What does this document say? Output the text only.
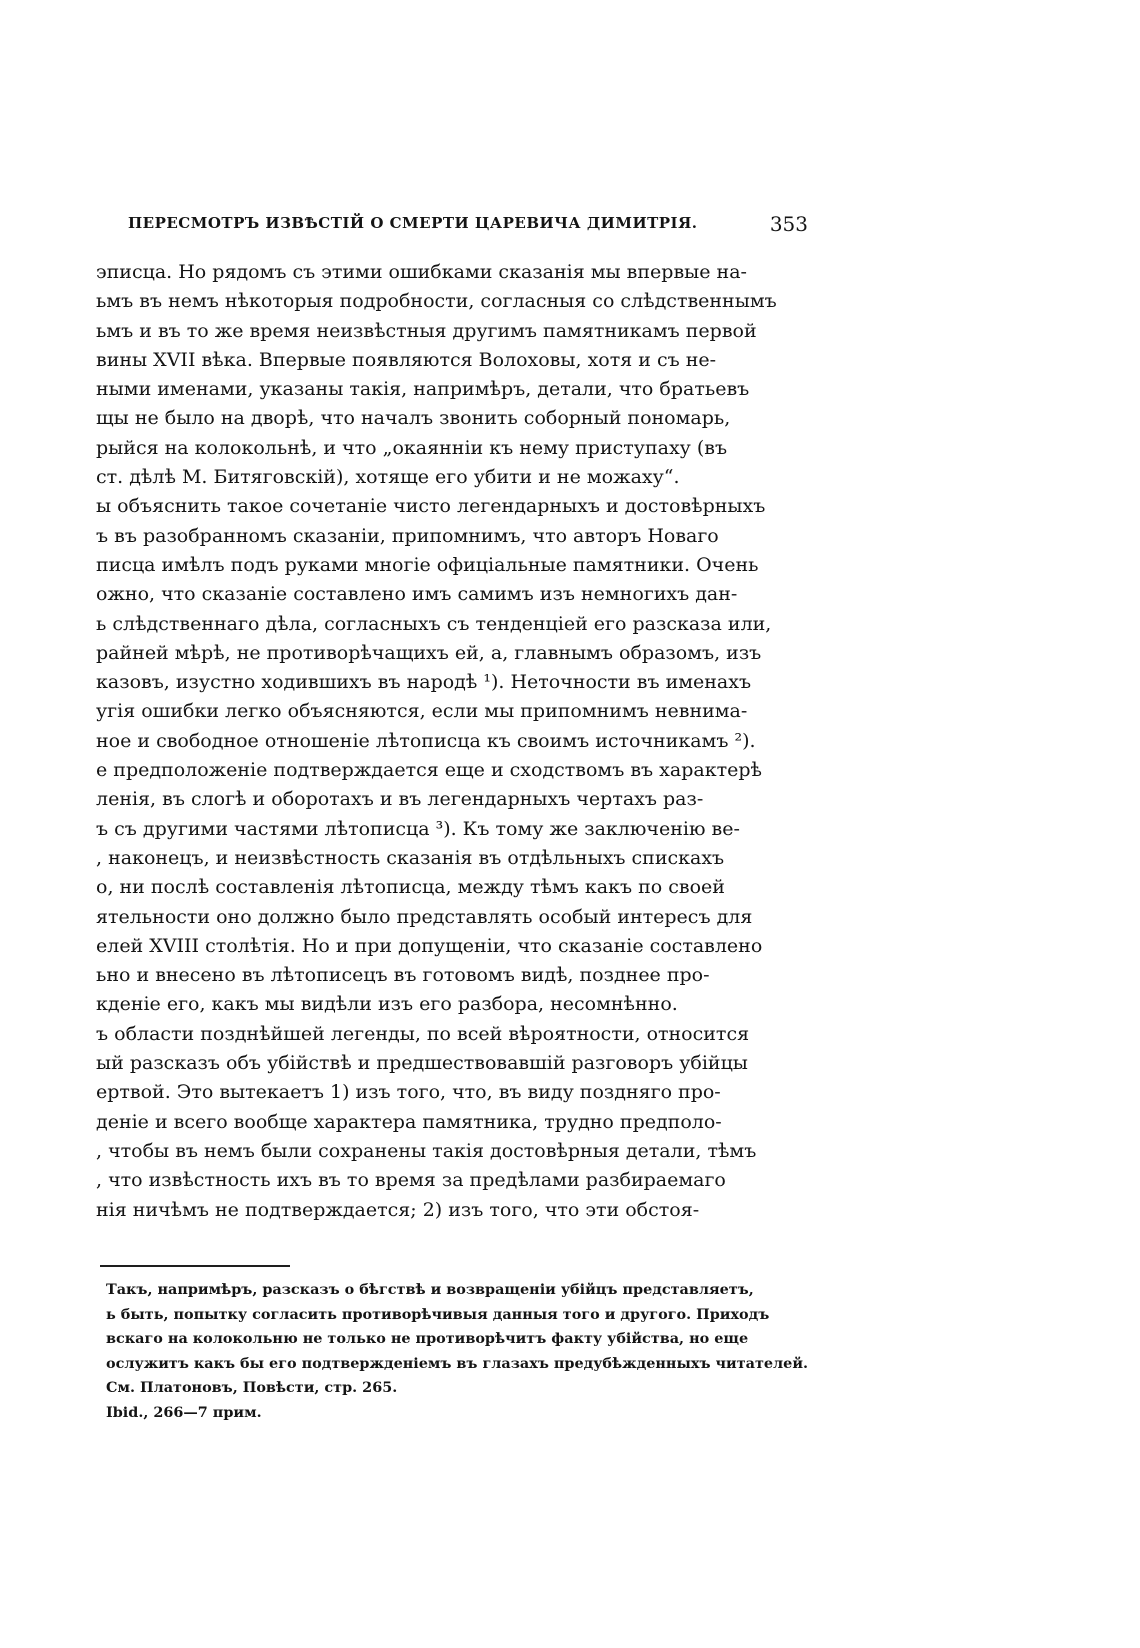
ПЕРЕСМОТРЪ ИЗВѢСТІЙ О СМЕРТИ ЦАРЕВИЧА ДИМИТРІЯ.	353
эписца. Но рядомъ съ этими ошибками сказанія мы впервые на-
ьмъ въ немъ нѣкоторыя подробности, согласныя со слѣдственнымъ
ьмъ и въ то же время неизвѣстныя другимъ памятникамъ первой
вины XVII вѣка. Впервые появляются Волоховы, хотя и съ не-
ными именами, указаны такія, напримѣръ, детали, что братьевъ
щы не было на дворѣ, что началъ звонить соборный пономарь,
рыйся на колокольнѣ, и что „окаянніи къ нему приступаху (въ
ст. дѣлѣ М. Битяговскій), хотяще его убити и не можаху“.
ы объяснить такое сочетаніе чисто легендарныхъ и достовѣрныхъ
ъ въ разобранномъ сказаніи, припомнимъ, что авторъ Новаго
писца имѣлъ подъ руками многіе офиціальные памятники. Очень
ожно, что сказаніе составлено имъ самимъ изъ немногихъ дан-
ь слѣдственнаго дѣла, согласныхъ съ тенденціей его разсказа или,
райней мѣрѣ, не противорѣчащихъ ей, а, главнымъ образомъ, изъ
казовъ, изустно ходившихъ въ народѣ ¹). Неточности въ именахъ
угія ошибки легко объясняются, если мы припомнимъ невнима-
ное и свободное отношеніе лѣтописца къ своимъ источникамъ ²).
е предположеніе подтверждается еще и сходствомъ въ характерѣ
ленія, въ слогѣ и оборотахъ и въ легендарныхъ чертахъ раз-
ъ съ другими частями лѣтописца ³). Къ тому же заключенію ве-
, наконецъ, и неизвѣстность сказанія въ отдѣльныхъ спискахъ
о, ни послѣ составленія лѣтописца, между тѣмъ какъ по своей
ятельности оно должно было представлять особый интересъ для
елей XVIII столѣтія. Но и при допущеніи, что сказаніе составлено
ьно и внесено въ лѣтописецъ въ готовомъ видѣ, позднее про-
кденіе его, какъ мы видѣли изъ его разбора, несомнѣнно.
ъ области позднѣйшей легенды, по всей вѣроятности, относится
ый разсказъ объ убійствѣ и предшествовавшій разговоръ убійцы
ертвой. Это вытекаетъ 1) изъ того, что, въ виду поздняго про-
деніе и всего вообще характера памятника, трудно предполо-
, чтобы въ немъ были сохранены такія достовѣрныя детали, тѣмъ
, что извѣстность ихъ въ то время за предѣлами разбираемаго
нія ничѣмъ не подтверждается; 2) изъ того, что эти обстоя-
Такъ, напримѣръ, разсказъ о бѣгствѣ и возвращеніи убійцъ представляетъ,
ь быть, попытку согласить противорѣчивыя данныя того и другого. Приходъ
вскаго на колокольню не только не противорѣчитъ факту убійства, но еще
ослужитъ какъ бы его подтвержденіемъ въ глазахъ предубѣжденныхъ читателей.
См. Платоновъ, Повѣсти, стр. 265.
Ibid., 266—7 прим.
